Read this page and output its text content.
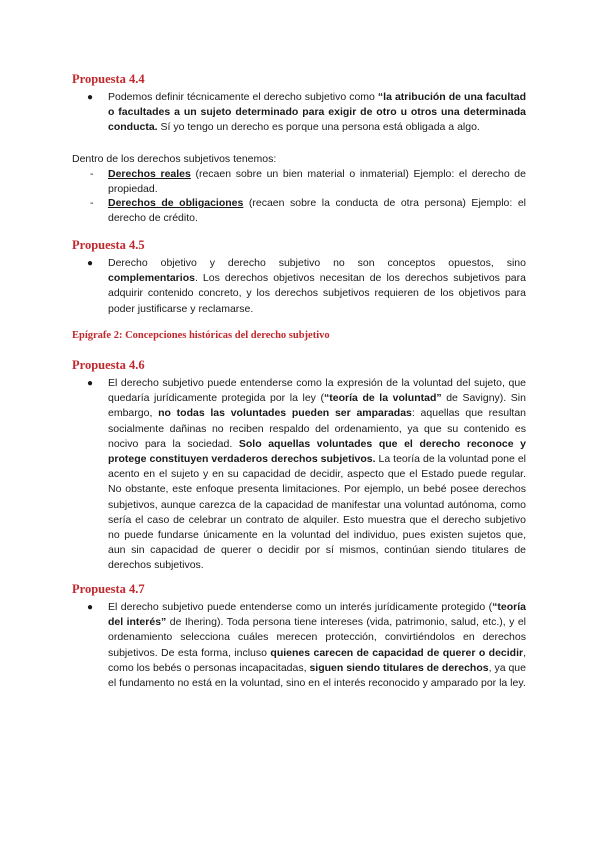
Propuesta 4.4
● Podemos definir técnicamente el derecho subjetivo como “la atribución de una facultad o facultades a un sujeto determinado para exigir de otro u otros una determinada conducta. Sí yo tengo un derecho es porque una persona está obligada a algo.
Dentro de los derechos subjetivos tenemos:
- Derechos reales (recaen sobre un bien material o inmaterial) Ejemplo: el derecho de propiedad.
- Derechos de obligaciones (recaen sobre la conducta de otra persona) Ejemplo: el derecho de crédito.
Propuesta 4.5
● Derecho objetivo y derecho subjetivo no son conceptos opuestos, sino complementarios. Los derechos objetivos necesitan de los derechos subjetivos para adquirir contenido concreto, y los derechos subjetivos requieren de los objetivos para poder justificarse y reclamarse.
Epígrafe 2: Concepciones históricas del derecho subjetivo
Propuesta 4.6
● El derecho subjetivo puede entenderse como la expresión de la voluntad del sujeto, que quedaría jurídicamente protegida por la ley (“teoría de la voluntad” de Savigny). Sin embargo, no todas las voluntades pueden ser amparadas: aquellas que resultan socialmente dañinas no reciben respaldo del ordenamiento, ya que su contenido es nocivo para la sociedad. Solo aquellas voluntades que el derecho reconoce y protege constituyen verdaderos derechos subjetivos. La teoría de la voluntad pone el acento en el sujeto y en su capacidad de decidir, aspecto que el Estado puede regular. No obstante, este enfoque presenta limitaciones. Por ejemplo, un bebé posee derechos subjetivos, aunque carezca de la capacidad de manifestar una voluntad autónoma, como sería el caso de celebrar un contrato de alquiler. Esto muestra que el derecho subjetivo no puede fundarse únicamente en la voluntad del individuo, pues existen sujetos que, aun sin capacidad de querer o decidir por sí mismos, continúan siendo titulares de derechos subjetivos.
Propuesta 4.7
● El derecho subjetivo puede entenderse como un interés jurídicamente protegido (“teoría del interés” de Ihering). Toda persona tiene intereses (vida, patrimonio, salud, etc.), y el ordenamiento selecciona cuáles merecen protección, convirtiéndolos en derechos subjetivos. De esta forma, incluso quienes carecen de capacidad de querer o decidir, como los bebés o personas incapacitadas, siguen siendo titulares de derechos, ya que el fundamento no está en la voluntad, sino en el interés reconocido y amparado por la ley.
